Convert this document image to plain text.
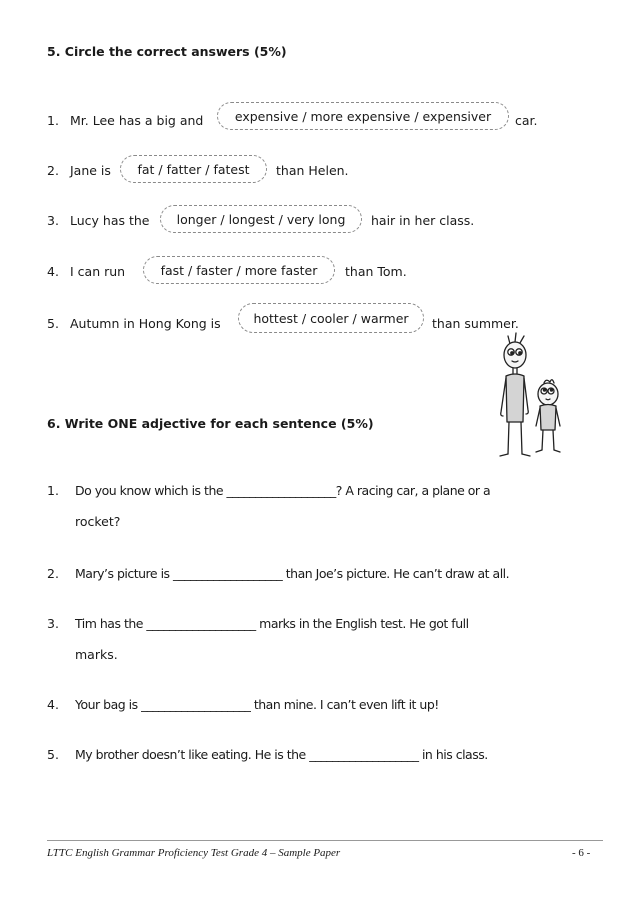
5. Circle the correct answers (5%)
1. Mr. Lee has a big and	expensive / more expensive / expensiver	car.
2. Jane is	fat / fatter / fatest	than Helen.
3. Lucy has the	longer / longest / very long	hair in her class.
4. I can run	fast / faster / more faster	than Tom.
5. Autumn in Hong Kong is	hottest / cooler / warmer	than summer.
6. Write ONE adjective for each sentence (5%)
1. Do you know which is the ___________________? A racing car, a plane or a
rocket?
2. Mary’s picture is ___________________ than Joe’s picture. He can’t draw at all.
3. Tim has the ___________________ marks in the English test. He got full
marks.
4. Your bag is ___________________ than mine. I can’t even lift it up!
5. My brother doesn’t like eating. He is the ___________________ in his class.
LTTC English Grammar Proficiency Test Grade 4 – Sample Paper	- 6 -
